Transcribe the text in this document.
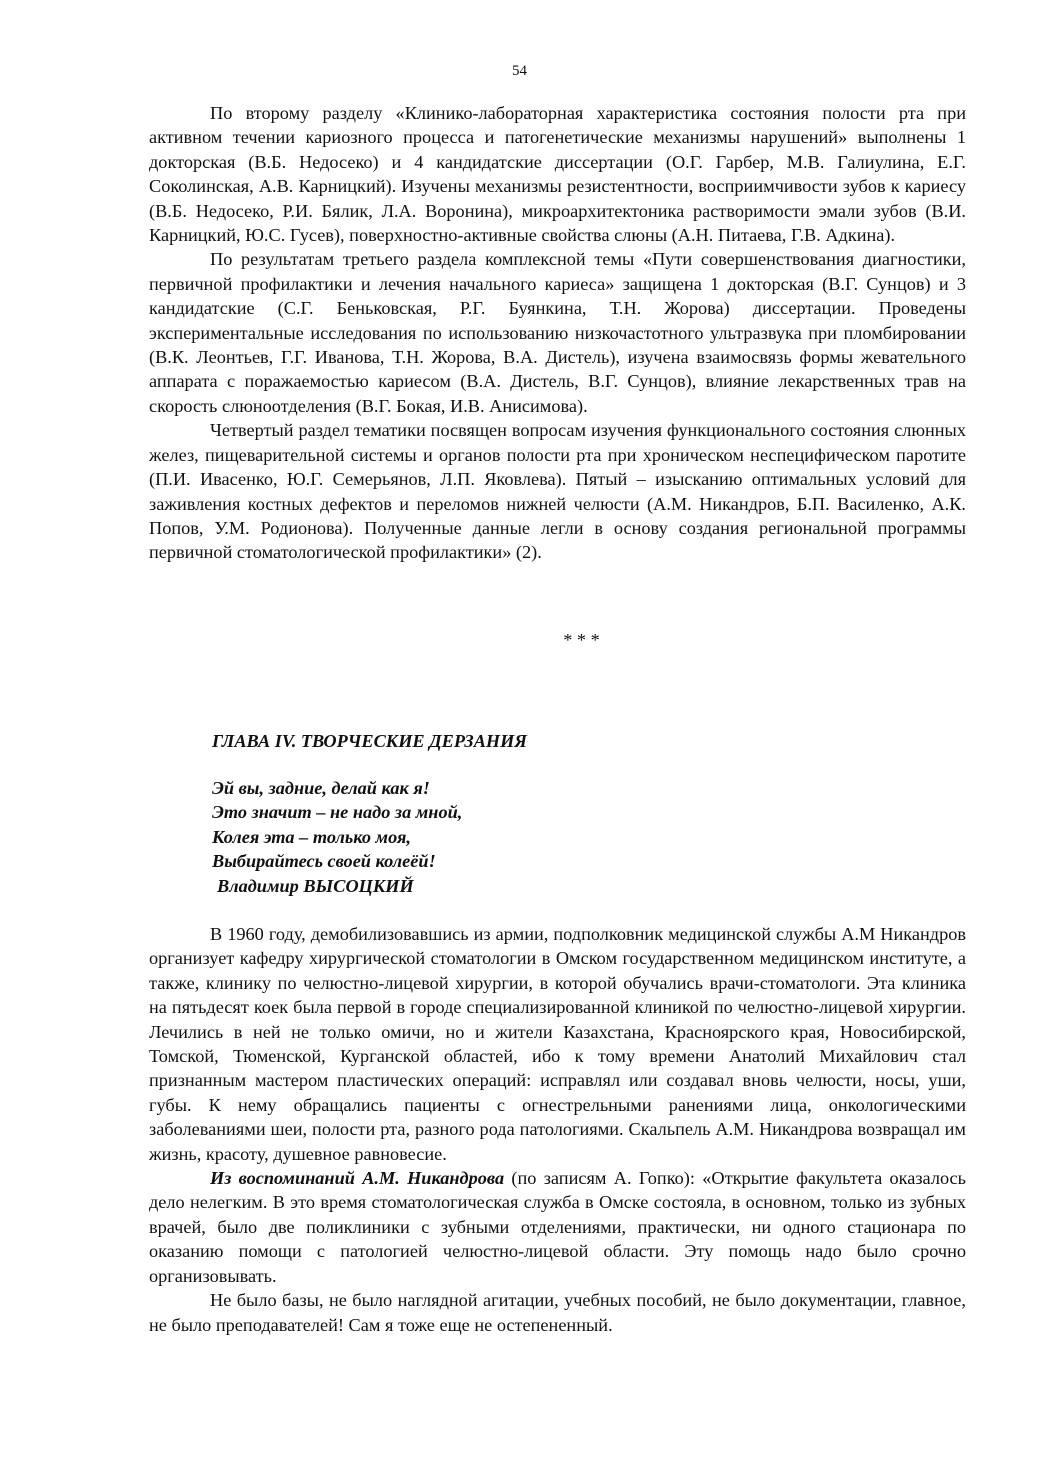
54

По второму разделу «Клинико-лабораторная характеристика состояния полости рта при активном течении кариозного процесса и патогенетические механизмы нарушений» выполнены 1 докторская (В.Б. Недосеко) и 4 кандидатские диссертации (О.Г. Гарбер, М.В. Галиулина, Е.Г. Соколинская, А.В. Карницкий). Изучены механизмы резистентности, восприимчивости зубов к кариесу (В.Б. Недосеко, Р.И. Бялик, Л.А. Воронина), микроархитектоника растворимости эмали зубов (В.И. Карницкий, Ю.С. Гусев), поверхностно-активные свойства слюны (А.Н. Питаева, Г.В. Адкина).

По результатам третьего раздела комплексной темы «Пути совершенствования диагностики, первичной профилактики и лечения начального кариеса» защищена 1 докторская (В.Г. Сунцов) и 3 кандидатские (С.Г. Беньковская, Р.Г. Буянкина, Т.Н. Жорова) диссертации. Проведены экспериментальные исследования по использованию низкочастотного ультразвука при пломбировании (В.К. Леонтьев, Г.Г. Иванова, Т.Н. Жорова, В.А. Дистель), изучена взаимосвязь формы жевательного аппарата с поражаемостью кариесом (В.А. Дистель, В.Г. Сунцов), влияние лекарственных трав на скорость слюноотделения (В.Г. Бокая, И.В. Анисимова).

Четвертый раздел тематики посвящен вопросам изучения функционального состояния слюнных желез, пищеварительной системы и органов полости рта при хроническом неспецифическом паротите (П.И. Ивасенко, Ю.Г. Семерьянов, Л.П. Яковлева). Пятый – изысканию оптимальных условий для заживления костных дефектов и переломов нижней челюсти (А.М. Никандров, Б.П. Василенко, А.К. Попов, У.М. Родионова). Полученные данные легли в основу создания региональной программы первичной стоматологической профилактики» (2).

* * *
ГЛАВА IV. ТВОРЧЕСКИЕ ДЕРЗАНИЯ
Эй вы, задние, делай как я!
Это значит – не надо за мной,
Колея эта – только моя,
Выбирайтесь своей колеёй!
Владимир ВЫСОЦКИЙ

В 1960 году, демобилизовавшись из армии, подполковник медицинской службы А.М Никандров организует кафедру хирургической стоматологии в Омском государственном медицинском институте, а также, клинику по челюстно-лицевой хирургии, в которой обучались врачи-стоматологи. Эта клиника на пятьдесят коек была первой в городе специализированной клиникой по челюстно-лицевой хирургии. Лечились в ней не только омичи, но и жители Казахстана, Красноярского края, Новосибирской, Томской, Тюменской, Курганской областей, ибо к тому времени Анатолий Михайлович стал признанным мастером пластических операций: исправлял или создавал вновь челюсти, носы, уши, губы. К нему обращались пациенты с огнестрельными ранениями лица, онкологическими заболеваниями шеи, полости рта, разного рода патологиями. Скальпель А.М. Никандрова возвращал им жизнь, красоту, душевное равновесие.

Из воспоминаний А.М. Никандрова (по записям А. Гопко): «Открытие факультета оказалось дело нелегким. В это время стоматологическая служба в Омске состояла, в основном, только из зубных врачей, было две поликлиники с зубными отделениями, практически, ни одного стационара по оказанию помощи с патологией челюстно-лицевой области. Эту помощь надо было срочно организовывать.

Не было базы, не было наглядной агитации, учебных пособий, не было документации, главное, не было преподавателей! Сам я тоже еще не остепененный.
